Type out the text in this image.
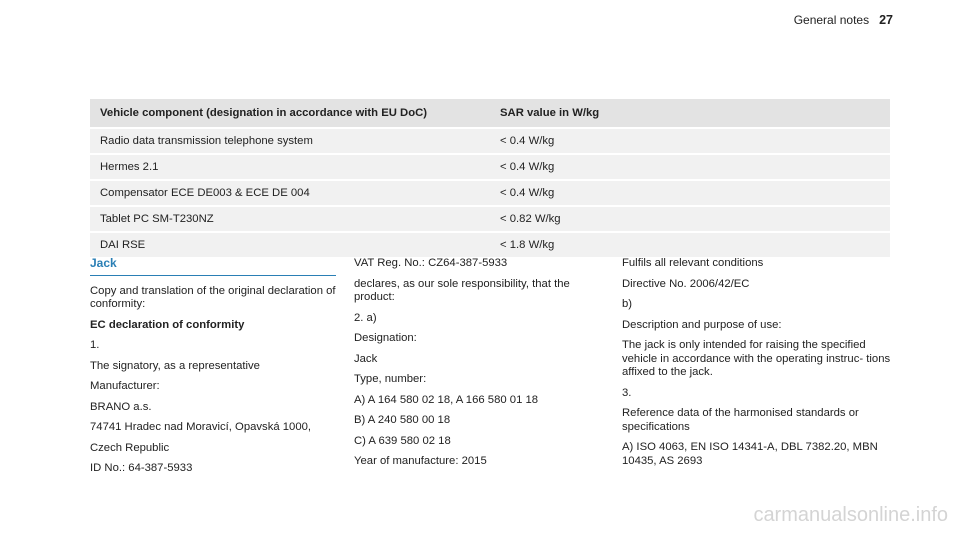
General notes 27
Vehicle component (designation in accordance with EU DoC)	SAR value in W/kg
Radio data transmission telephone system	< 0.4 W/kg
Hermes 2.1	< 0.4 W/kg
Compensator ECE DE003 & ECE DE 004	< 0.4 W/kg
Tablet PC SM-T230NZ	< 0.82 W/kg
DAI RSE	< 1.8 W/kg
Jack

Copy and translation of the original declaration of conformity:

EC declaration of conformity

1.

The signatory, as a representative

Manufacturer:

BRANO a.s.

74741 Hradec nad Moravicí, Opavská 1000,

Czech Republic

ID No.: 64-387-5933

VAT Reg. No.: CZ64-387-5933

declares, as our sole responsibility, that the product:

2. a)

Designation:

Jack

Type, number:

A) A 164 580 02 18, A 166 580 01 18

B) A 240 580 00 18

C) A 639 580 02 18

Year of manufacture: 2015

Fulfils all relevant conditions

Directive No. 2006/42/EC

b)

Description and purpose of use:

The jack is only intended for raising the specified vehicle in accordance with the operating instruc- tions affixed to the jack.

3.

Reference data of the harmonised standards or specifications

A) ISO 4063, EN ISO 14341-A, DBL 7382.20, MBN 10435, AS 2693

carmanualsonline.info
